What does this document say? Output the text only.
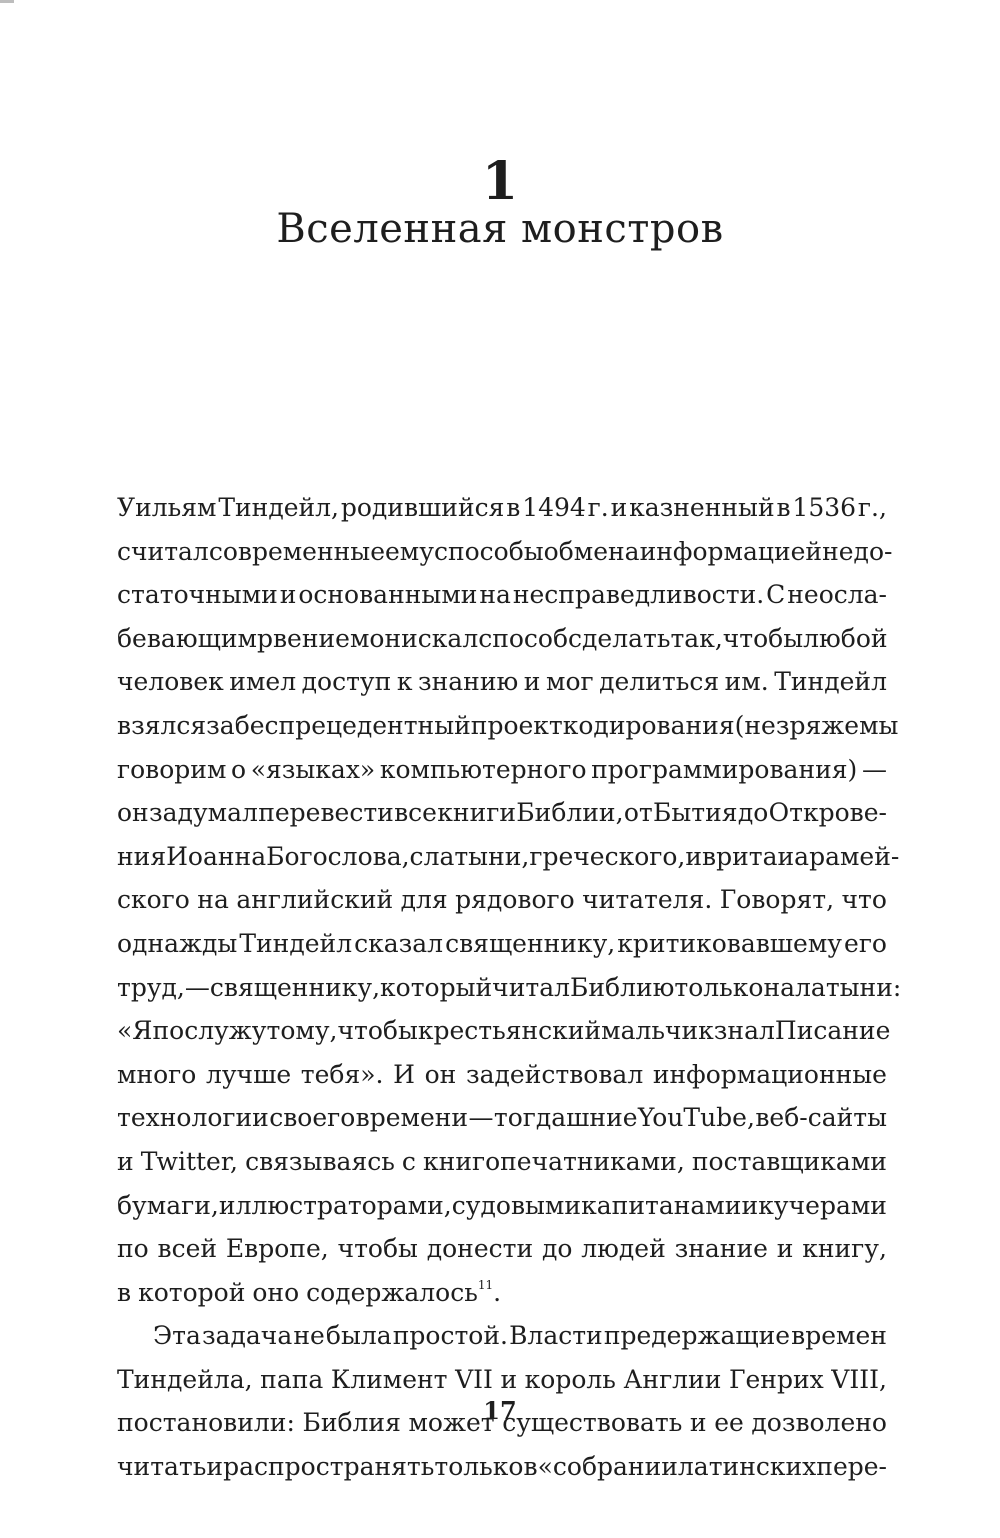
1
Вселенная монстров
Уильям Тиндейл, родившийся в 1494 г. и казненный в 1536 г.,
считал современные ему способы обмена информацией недо-
статочными и основанными на несправедливости. С неосла-
бевающим рвением он искал способ сделать так, чтобы любой
человек имел доступ к знанию и мог делиться им. Тиндейл
взялся за беспрецедентный проект кодирования (не зря же мы
говорим о «языках» компьютерного программирования) —
он задумал перевести все книги Библии, от Бытия до Открове-
ния Иоанна Богослова, с латыни, греческого, иврита и арамей-
ского на английский для рядового читателя. Говорят, что
однажды Тиндейл сказал священнику, критиковавшему его
труд, — священнику, который читал Библию только на латыни:
«Я послужу тому, чтобы крестьянский мальчик знал Писание
много лучше тебя». И он задействовал информационные
технологии своего времени — тогдашние YouTube, веб-сайты
и Twitter, связываясь с книгопечатниками, поставщиками
бумаги, иллюстраторами, судовыми капитанами и кучерами
по всей Европе, чтобы донести до людей знание и книгу,
в которой оно содержалось$^{11}$.
Эта задача не была простой. Власти предержащие времен
Тиндейла, папа Климент VII и король Англии Генрих VIII,
постановили: Библия может существовать и ее дозволено
читать и распространять только в «собрании латинских пере-
17
